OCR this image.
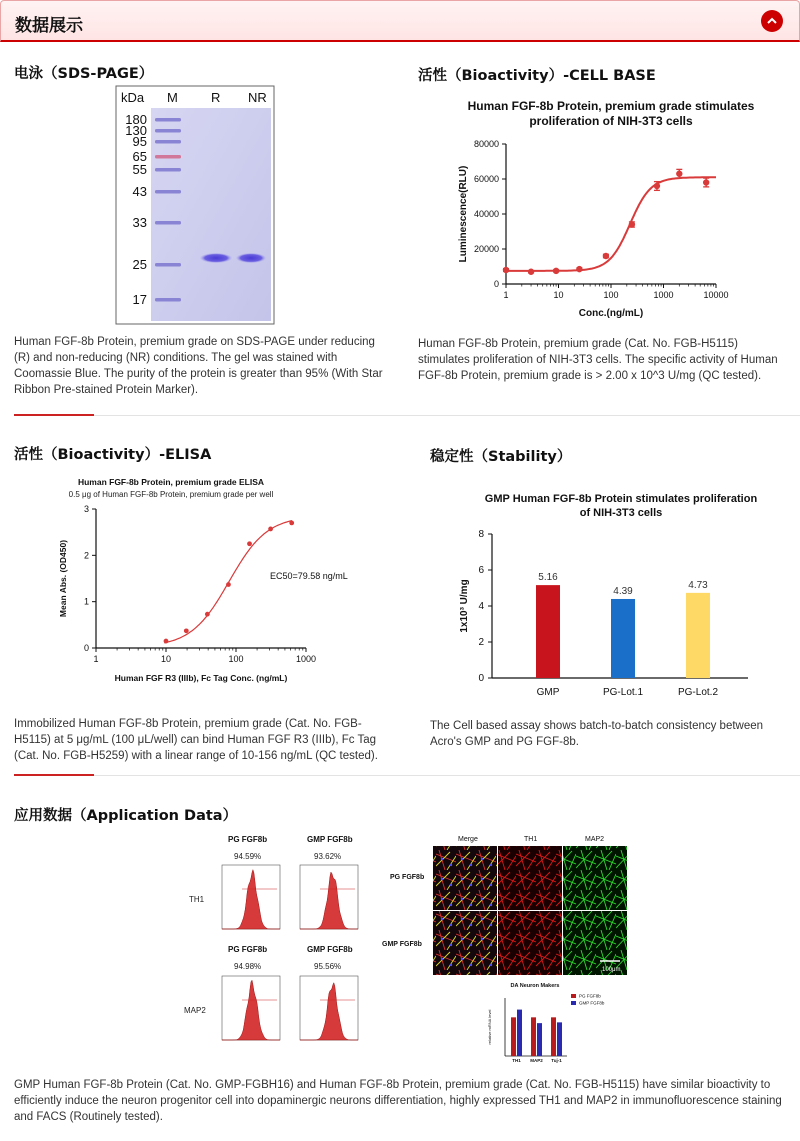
数据展示
电泳（SDS-PAGE）
kDa M	R NR
180
130
95
65
55
43
33
25
17
Human FGF-8b Protein, premium grade on SDS-PAGE under reducing (R) and non-reducing (NR) conditions. The gel was stained with Coomassie Blue. The purity of the protein is greater than 95% (With Star Ribbon Pre-stained Protein Marker).
活性（Bioactivity）-CELL BASE
Human FGF-8b Protein, premium grade stimulates
proliferation of NIH-3T3 cells
0
20000
40000
60000
80000
1	10	100	1000	10000
Conc.(ng/mL)
Luminescence(RLU)
Human FGF-8b Protein, premium grade (Cat. No. FGB-H5115) stimulates proliferation of NIH-3T3 cells. The specific activity of Human FGF-8b Protein, premium grade is > 2.00 x 10^3 U/mg (QC tested).
活性（Bioactivity）-ELISA
Human FGF-8b Protein, premium grade ELISA
0.5 μg of Human FGF-8b Protein, premium grade per well
0
1
2
3
1	10	100	1000
Human FGF R3 (IIIb), Fc Tag Conc. (ng/mL)
Mean Abs. (OD450)	EC50=79.58 ng/mL
Immobilized Human FGF-8b Protein, premium grade (Cat. No. FGB-H5115) at 5 μg/mL (100 μL/well) can bind Human FGF R3 (IIIb), Fc Tag (Cat. No. FGB-H5259) with a linear range of 10-156 ng/mL (QC tested).
稳定性（Stability）
GMP Human FGF-8b Protein stimulates proliferation
of NIH-3T3 cells
0
2
4
6
8
1x10³ U/mg
5.16
GMP
4.39
PG-Lot.1
4.73
PG-Lot.2
The Cell based assay shows batch-to-batch consistency between Acro's GMP and PG FGF-8b.
应用数据（Application Data）
PG FGF8b	GMP FGF8b
94.59%	93.62%
TH1
PG FGF8b	GMP FGF8b
94.98%	95.56%
MAP2
Merge	TH1	MAP2
PG FGF8b
GMP FGF8b
100μm
DA Neuron Makers
relative mRNA level
TH1 MAP2 Tuj-1
PG FGF8b
GMP FGF8b
GMP Human FGF-8b Protein (Cat. No. GMP-FGBH16) and Human FGF-8b Protein, premium grade (Cat. No. FGB-H5115) have similar bioactivity to efficiently induce the neuron progenitor cell into dopaminergic neurons differentiation, highly expressed TH1 and MAP2 in immunofluorescence staining and FACS (Routinely tested).
